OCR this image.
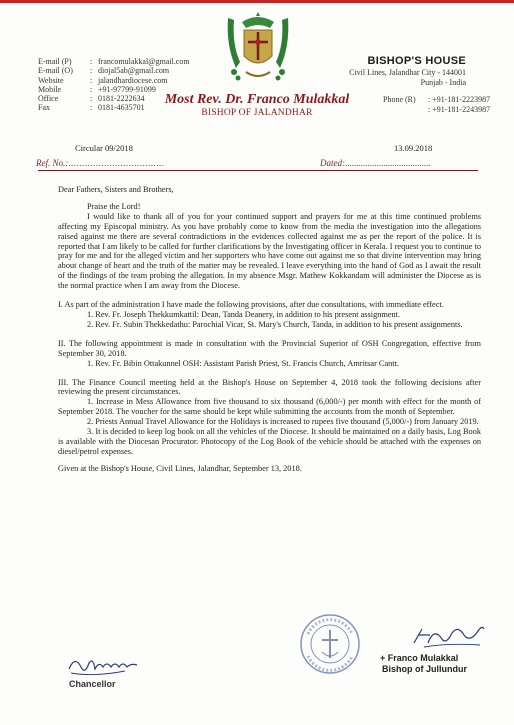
E-mail (P)	: francomulakkal@gmail.com
E-mail (O)	: diojal5ab@gmail.com
Website	: jalandhardiocese.com
Mobile	: +91-97799-91099
Office	: 0181-2222634
Fax	: 0181-4635701
BISHOP'S HOUSE
Civil Lines, Jalandhar City - 144001
Punjab - India
Phone (R)	: +91-181-2223987
: +91-181-2243987
Most Rev. Dr. Franco Mulakkal
BISHOP OF JALANDHAR
Circular 09/2018	13.09.2018
Ref. No.:...................................	Dated:......................................

Dear Fathers, Sisters and Brothers,

Praise the Lord!

I would like to thank all of you for your continued support and prayers for me at this time continued problems affecting my Episcopal ministry. As you have probably come to know from the media the investigation into the allegations raised against me there are several contradictions in the evidences collected against me as per the report of the police. It is reported that I am likely to be called for further clarifications by the Investigating officer in Kerala. I request you to continue to pray for me and for the alleged victim and her supporters who have come out against me so that divine intervention may bring about change of heart and the truth of the matter may be revealed. I leave everything into the hand of God as I await the result of the findings of the team probing the allegation. In my absence Msgr. Mathew Kokkandam will administer the Diocese as is the normal practice when I am away from the Diocese.

I. As part of the administration I have made the following provisions, after due consultations, with immediate effect.

1. Rev. Fr. Joseph Thekkumkattil: Dean, Tanda Deanery, in addition to his present assignment.

2. Rev. Fr. Subin Thekkedathu: Parochial Vicar, St. Mary's Church, Tanda, in addition to his present assignments.

II. The following appointment is made in consultation with the Provincial Superior of OSH Congregation, effective from September 30, 2018.

1. Rev. Fr. Bibin Ottakunnel OSH: Assistant Parish Priest, St. Francis Church, Amritsar Cantt.

III. The Finance Council meeting held at the Bishop's House on September 4, 2018 took the following decisions after reviewing the present circumstances.

1. Increase in Mess Allowance from five thousand to six thousand (6,000/-) per month with effect for the month of September 2018. The voucher for the same should be kept while submitting the accounts from the month of September.

2. Priests Annual Travel Allowance for the Holidays is increased to rupees five thousand (5,000/-) from January 2019.

3. It is decided to keep log book on all the vehicles of the Diocese. It should be maintained on a daily basis, Log Book is available with the Diocesan Procurator. Photocopy of the Log Book of the vehicle should be attached with the expenses on diesel/petrol expenses.

Given at the Bishop's House, Civil Lines, Jalandhar, September 13, 2018.

Chancellor
+ Franco Mulakkal
Bishop of Jullundur
